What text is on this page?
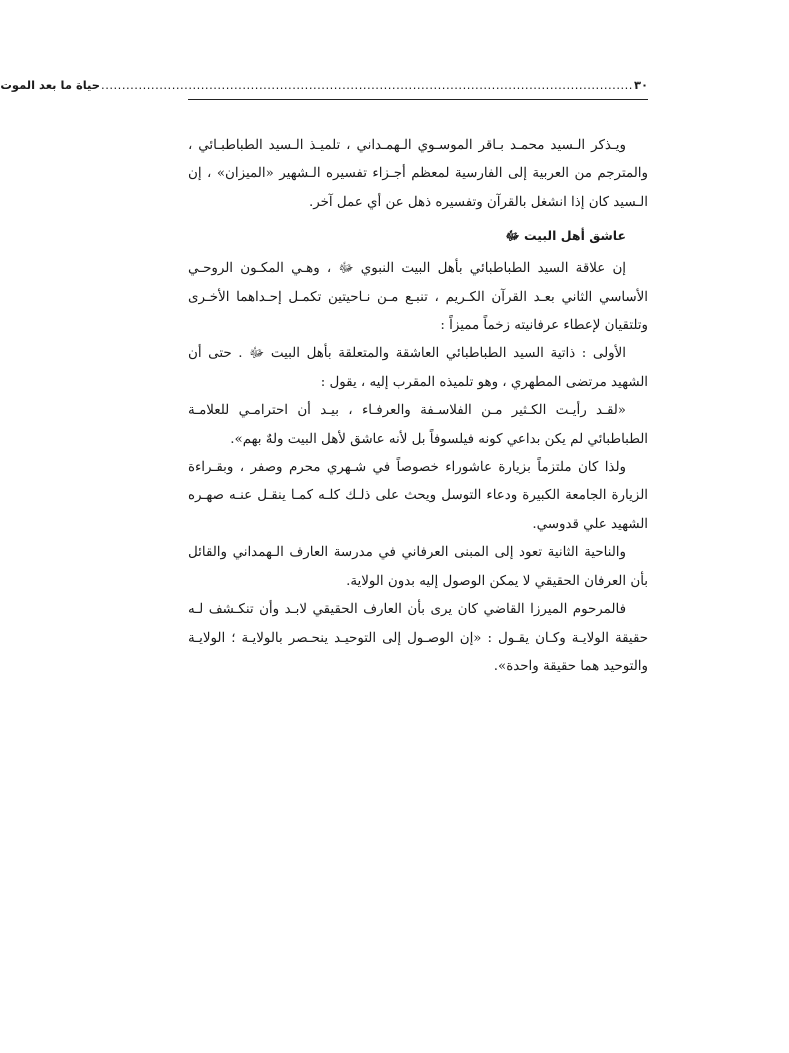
٣٠
................................................................................................................................
حياة ما بعد الموت

ويـذكر الـسيد محمـد بـاقر الموسـوي الـهمـداني ، تلميـذ الـسيد الطباطبـائي ، والمترجم من العربية إلى الفارسية لمعظم أجـزاء تفسيره الـشهير «الميزان» ، إن الـسيد كان إذا انشغل بالقرآن وتفسيره ذهل عن أي عمل آخر.

عاشق أهل البيت ﷻ

إن علاقة السيد الطباطبائي بأهل البيت النبوي ﷻ ، وهـي المكـون الروحـي الأساسي الثاني بعـد القرآن الكـريم ، تنبـع مـن نـاحيتين تكمـل إحـداهما الأخـرى وتلتقيان لإعطاء عرفانيته زخماً مميزاً :

الأولى : ذاتية السيد الطباطبائي العاشقة والمتعلقة بأهل البيت ﷻ . حتى أن الشهيد مرتضى المطهري ، وهو تلميذه المقرب إليه ، يقول :

«لقـد رأيـت الكـثير مـن الفلاسـفة والعرفـاء ، بيـد أن احترامـي للعلامـة الطباطبائي لم يكن بداعي كونه فيلسوفاً بل لأنه عاشق لأهل البيت ولهٌ بهم».

ولذا كان ملتزماً بزيارة عاشوراء خصوصاً في شـهري محرم وصفر ، وبقـراءة الزيارة الجامعة الكبيرة ودعاء التوسل ويحث على ذلـك كلـه كمـا ينقـل عنـه صهـره الشهيد علي قدوسي.

والناحية الثانية تعود إلى المبنى العرفاني في مدرسة العارف الـهمداني والقائل بأن العرفان الحقيقي لا يمكن الوصول إليه بدون الولاية.

فالمرحوم الميرزا القاضي كان يرى بأن العارف الحقيقي لابـد وأن تنكـشف لـه حقيقة الولايـة وكـان يقـول : «إن الوصـول إلى التوحيـد ينحـصر بالولايـة ؛ الولايـة والتوحيد هما حقيقة واحدة».
